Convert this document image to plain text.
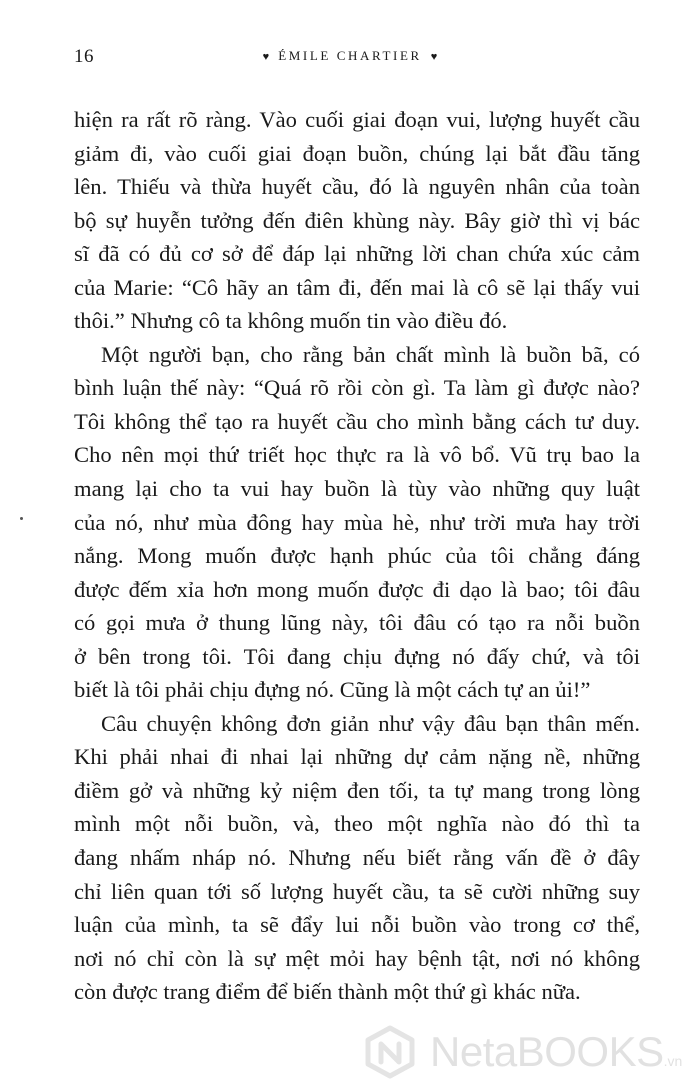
16	♥ ÉMILE CHARTIER ♥

hiện ra rất rõ ràng. Vào cuối giai đoạn vui, lượng huyết cầu
giảm đi, vào cuối giai đoạn buồn, chúng lại bắt đầu tăng
lên. Thiếu và thừa huyết cầu, đó là nguyên nhân của toàn
bộ sự huyễn tưởng đến điên khùng này. Bây giờ thì vị bác
sĩ đã có đủ cơ sở để đáp lại những lời chan chứa xúc cảm
của Marie: “Cô hãy an tâm đi, đến mai là cô sẽ lại thấy vui
thôi.” Nhưng cô ta không muốn tin vào điều đó.

Một người bạn, cho rằng bản chất mình là buồn bã, có
bình luận thế này: “Quá rõ rồi còn gì. Ta làm gì được nào?
Tôi không thể tạo ra huyết cầu cho mình bằng cách tư duy.
Cho nên mọi thứ triết học thực ra là vô bổ. Vũ trụ bao la
mang lại cho ta vui hay buồn là tùy vào những quy luật
của nó, như mùa đông hay mùa hè, như trời mưa hay trời
nắng. Mong muốn được hạnh phúc của tôi chẳng đáng
được đếm xỉa hơn mong muốn được đi dạo là bao; tôi đâu
có gọi mưa ở thung lũng này, tôi đâu có tạo ra nỗi buồn
ở bên trong tôi. Tôi đang chịu đựng nó đấy chứ, và tôi
biết là tôi phải chịu đựng nó. Cũng là một cách tự an ủi!”

Câu chuyện không đơn giản như vậy đâu bạn thân mến.
Khi phải nhai đi nhai lại những dự cảm nặng nề, những
điềm gở và những kỷ niệm đen tối, ta tự mang trong lòng
mình một nỗi buồn, và, theo một nghĩa nào đó thì ta
đang nhấm nháp nó. Nhưng nếu biết rằng vấn đề ở đây
chỉ liên quan tới số lượng huyết cầu, ta sẽ cười những suy
luận của mình, ta sẽ đẩy lui nỗi buồn vào trong cơ thể,
nơi nó chỉ còn là sự mệt mỏi hay bệnh tật, nơi nó không
còn được trang điểm để biến thành một thứ gì khác nữa.

NetaBOOKS.vn
